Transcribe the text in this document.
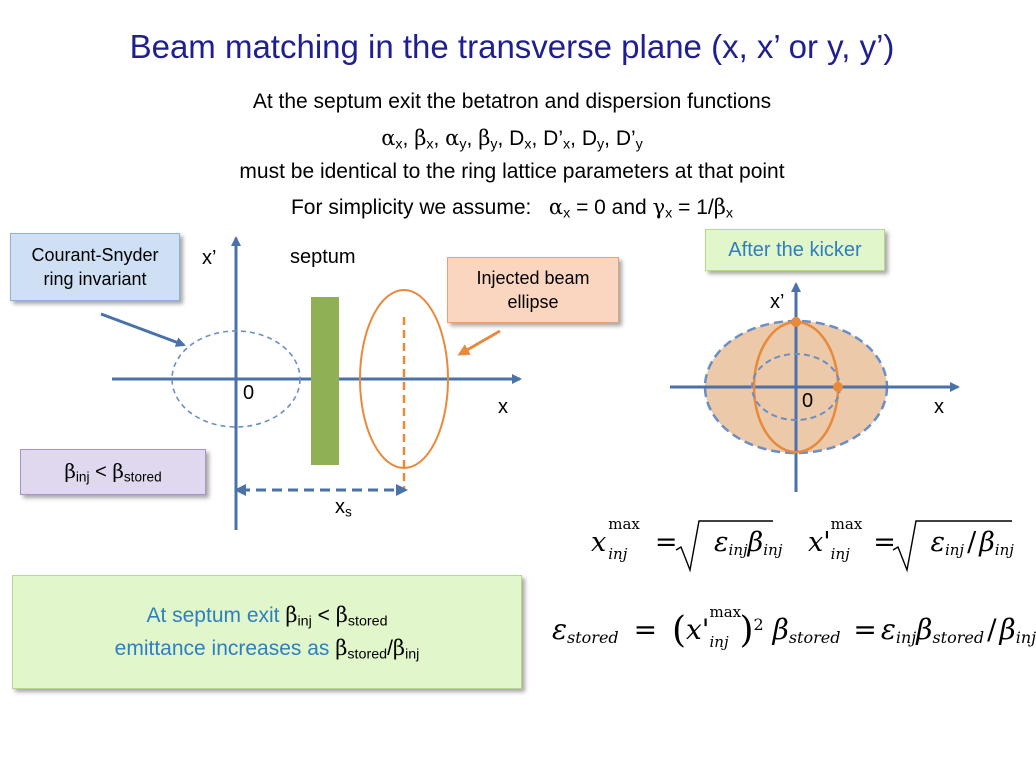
Beam matching in the transverse plane (x, x’ or y, y’)
At the septum exit the betatron and dispersion functions
$\alpha_x$, $\beta_x$, $\alpha_y$, $\beta_y$, $D_x$, $D’_x$, $D_y$, $D’_y$
must be identical to the ring lattice parameters at that point
For simplicity we assume: $\alpha_x = 0$ and $\gamma_x = 1/\beta_x$
x’	septum
0
x
$x_s$
x’
0	x
Courant-Snyder ring invariant	Injected beam ellipse
After the kicker
$\beta_{inj} < \beta_{stored}$
At septum exit $\beta_{inj} < \beta_{stored}$
emittance increases as $\beta_{stored}/\beta_{inj}$
x
max
inj = $\varepsilon_{inj}\beta_{inj}$ x'
max
inj = $\varepsilon_{inj} / \beta_{inj}$
$\varepsilon_{stored} = (x'$
max
inj )$^2$ $\beta_{stored} = \varepsilon_{inj}\beta_{stored} / \beta_{inj}$
